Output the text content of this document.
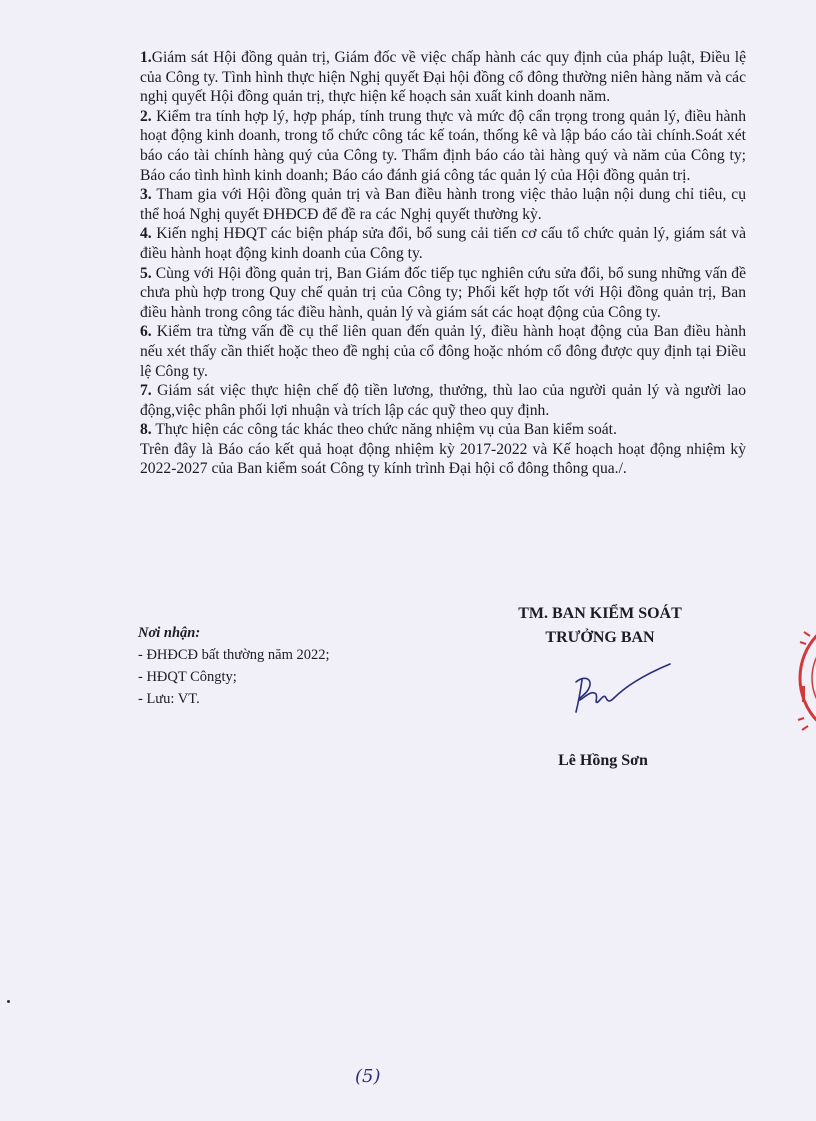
1.Giám sát Hội đồng quản trị, Giám đốc về việc chấp hành các quy định của pháp luật, Điều lệ của Công ty. Tình hình thực hiện Nghị quyết Đại hội đồng cổ đông thường niên hàng năm và các nghị quyết Hội đồng quản trị, thực hiện kế hoạch sản xuất kinh doanh năm.

2. Kiểm tra tính hợp lý, hợp pháp, tính trung thực và mức độ cẩn trọng trong quản lý, điều hành hoạt động kinh doanh, trong tổ chức công tác kế toán, thống kê và lập báo cáo tài chính.Soát xét báo cáo tài chính hàng quý của Công ty. Thẩm định báo cáo tài hàng quý và năm của Công ty; Báo cáo tình hình kinh doanh; Báo cáo đánh giá công tác quản lý của Hội đồng quản trị.

3. Tham gia với Hội đồng quản trị và Ban điều hành trong việc thảo luận nội dung chỉ tiêu, cụ thể hoá Nghị quyết ĐHĐCĐ để đề ra các Nghị quyết thường kỳ.

4. Kiến nghị HĐQT các biện pháp sửa đổi, bổ sung cải tiến cơ cấu tổ chức quản lý, giám sát và điều hành hoạt động kinh doanh của Công ty.

5. Cùng với Hội đồng quản trị, Ban Giám đốc tiếp tục nghiên cứu sửa đổi, bổ sung những vấn đề chưa phù hợp trong Quy chế quản trị của Công ty; Phối kết hợp tốt với Hội đồng quản trị, Ban điều hành trong công tác điều hành, quản lý và giám sát các hoạt động của Công ty.

6. Kiểm tra từng vấn đề cụ thể liên quan đến quản lý, điều hành hoạt động của Ban điều hành nếu xét thấy cần thiết hoặc theo đề nghị của cổ đông hoặc nhóm cổ đông được quy định tại Điều lệ Công ty.

7. Giám sát việc thực hiện chế độ tiền lương, thưởng, thù lao của người quản lý và người lao động,việc phân phối lợi nhuận và trích lập các quỹ theo quy định.

8. Thực hiện các công tác khác theo chức năng nhiệm vụ của Ban kiểm soát.

Trên đây là Báo cáo kết quả hoạt động nhiệm kỳ 2017-2022 và Kế hoạch hoạt động nhiệm kỳ 2022-2027 của Ban kiểm soát Công ty kính trình Đại hội cổ đông thông qua./.

TM. BAN KIỂM SOÁT
TRƯỞNG BAN
Nơi nhận:
- ĐHĐCĐ bất thường năm 2022;
- HĐQT Côngty;
- Lưu: VT.
Lê Hồng Sơn
(5)
